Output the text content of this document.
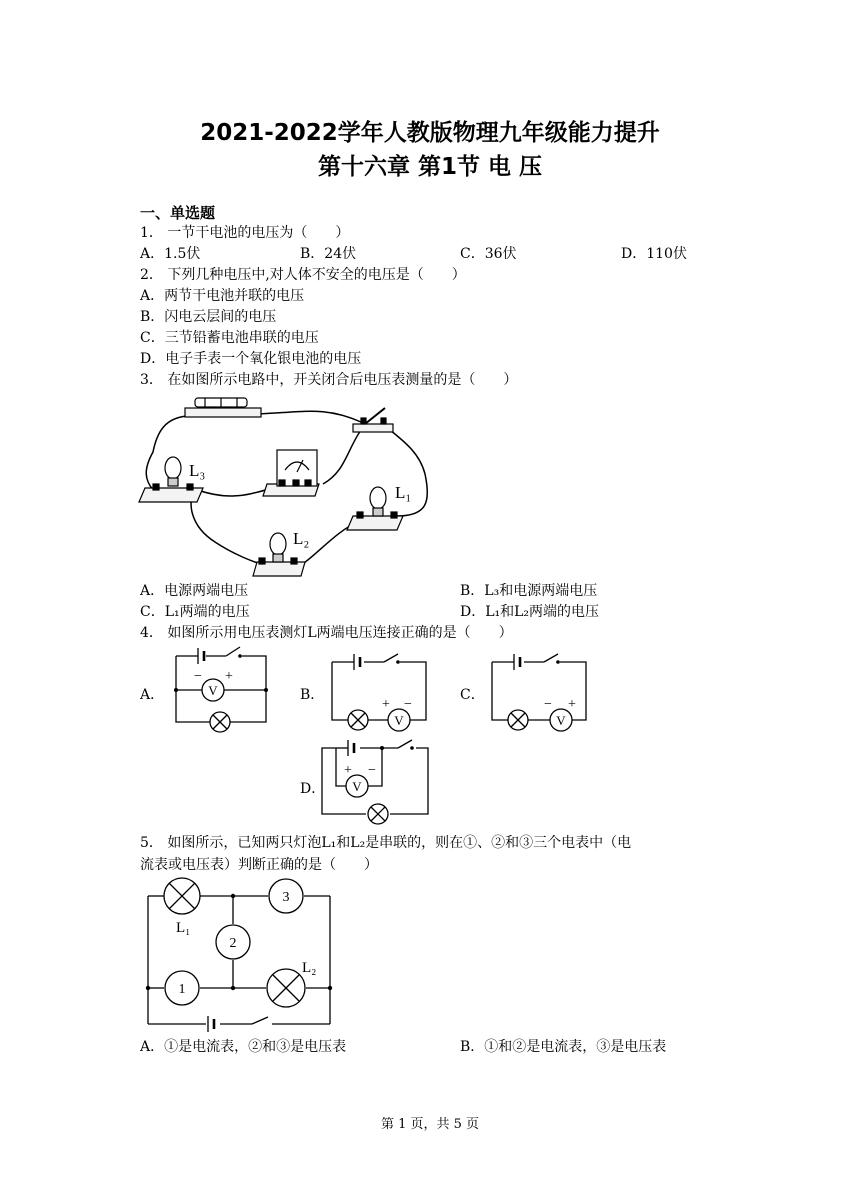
2021-2022学年人教版物理九年级能力提升
第十六章 第1节 电 压
一、单选题
1． 一节干电池的电压为（　　）
A．1.5伏	B．24伏	C．36伏	D．110伏
2． 下列几种电压中,对人体不安全的电压是（　　）
A．两节干电池并联的电压
B．闪电云层间的电压
C．三节铅蓄电池串联的电压
D．电子手表一个氧化银电池的电压
3． 在如图所示电路中，开关闭合后电压表测量的是（　　）
L₃
L₁
L₂
A．电源两端电压	B．L₃和电源两端电压
C．L₁两端的电压	D．L₁和L₂两端的电压
4． 如图所示用电压表测灯L两端电压连接正确的是（　　）
A．	V
− +
B．
V
+ −
C．
V
− +
D． V
+ −
5． 如图所示，已知两只灯泡L₁和L₂是串联的，则在①、②和③三个电表中（电
流表或电压表）判断正确的是（　　）
L₁
3
2
1
L₂
A．①是电流表，②和③是电压表	B．①和②是电流表，③是电压表
第 1 页，共 5 页
